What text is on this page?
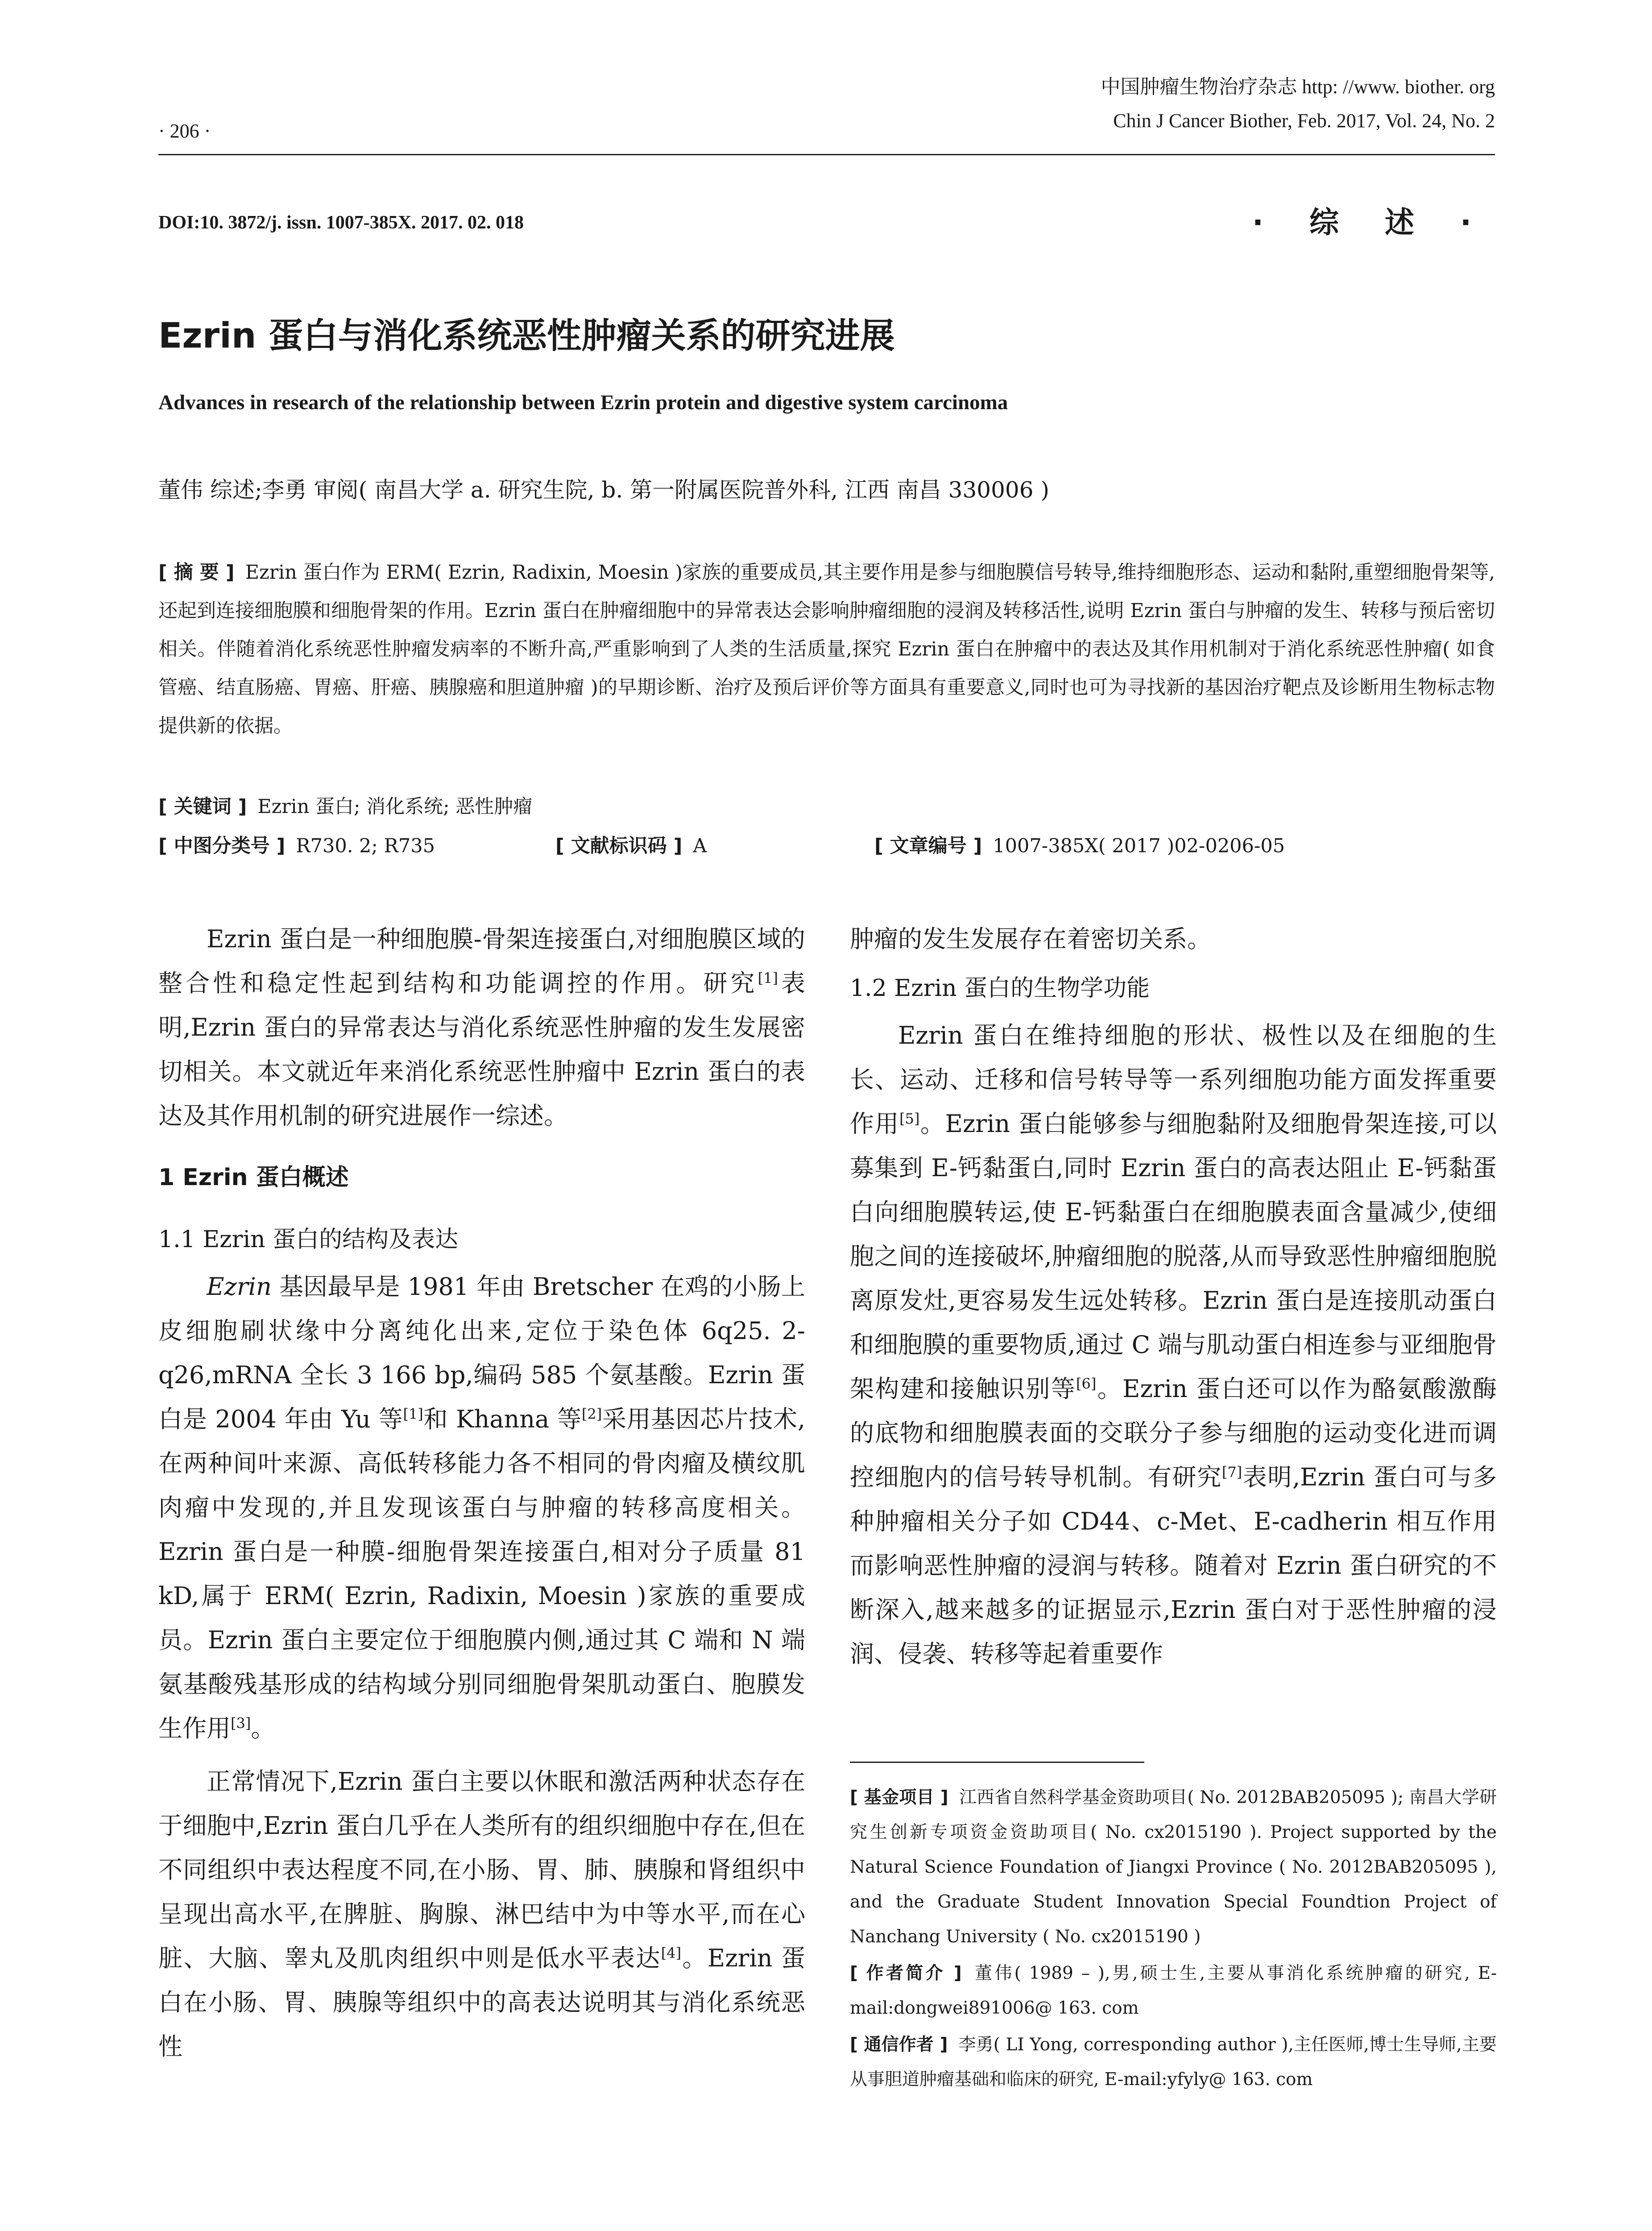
· 206 ·
中国肿瘤生物治疗杂志 http: //www. biother. org
Chin J Cancer Biother, Feb. 2017, Vol. 24, No. 2
DOI:10. 3872/j. issn. 1007-385X. 2017. 02. 018	· 综 述 ·
Ezrin 蛋白与消化系统恶性肿瘤关系的研究进展
Advances in research of the relationship between Ezrin protein and digestive system carcinoma
董伟 综述;李勇 审阅( 南昌大学 a. 研究生院, b. 第一附属医院普外科, 江西 南昌 330006 )
[ 摘 要 ] Ezrin 蛋白作为 ERM( Ezrin, Radixin, Moesin )家族的重要成员,其主要作用是参与细胞膜信号转导,维持细胞形态、运动和黏附,重塑细胞骨架等,还起到连接细胞膜和细胞骨架的作用。Ezrin 蛋白在肿瘤细胞中的异常表达会影响肿瘤细胞的浸润及转移活性,说明 Ezrin 蛋白与肿瘤的发生、转移与预后密切相关。伴随着消化系统恶性肿瘤发病率的不断升高,严重影响到了人类的生活质量,探究 Ezrin 蛋白在肿瘤中的表达及其作用机制对于消化系统恶性肿瘤( 如食管癌、结直肠癌、胃癌、肝癌、胰腺癌和胆道肿瘤 )的早期诊断、治疗及预后评价等方面具有重要意义,同时也可为寻找新的基因治疗靶点及诊断用生物标志物提供新的依据。
[ 关键词 ] Ezrin 蛋白; 消化系统; 恶性肿瘤
[ 中图分类号 ] R730. 2; R735	[ 文献标识码 ] A	[ 文章编号 ] 1007-385X( 2017 )02-0206-05

Ezrin 蛋白是一种细胞膜-骨架连接蛋白,对细胞膜区域的整合性和稳定性起到结构和功能调控的作用。研究[1]表明,Ezrin 蛋白的异常表达与消化系统恶性肿瘤的发生发展密切相关。本文就近年来消化系统恶性肿瘤中 Ezrin 蛋白的表达及其作用机制的研究进展作一综述。

1 Ezrin 蛋白概述
1.1 Ezrin 蛋白的结构及表达

Ezrin 基因最早是 1981 年由 Bretscher 在鸡的小肠上皮细胞刷状缘中分离纯化出来,定位于染色体 6q25. 2-q26,mRNA 全长 3 166 bp,编码 585 个氨基酸。Ezrin 蛋白是 2004 年由 Yu 等[1]和 Khanna 等[2]采用基因芯片技术,在两种间叶来源、高低转移能力各不相同的骨肉瘤及横纹肌肉瘤中发现的,并且发现该蛋白与肿瘤的转移高度相关。Ezrin 蛋白是一种膜-细胞骨架连接蛋白,相对分子质量 81 kD,属于 ERM( Ezrin, Radixin, Moesin )家族的重要成员。Ezrin 蛋白主要定位于细胞膜内侧,通过其 C 端和 N 端氨基酸残基形成的结构域分别同细胞骨架肌动蛋白、胞膜发生作用[3]。

正常情况下,Ezrin 蛋白主要以休眠和激活两种状态存在于细胞中,Ezrin 蛋白几乎在人类所有的组织细胞中存在,但在不同组织中表达程度不同,在小肠、胃、肺、胰腺和肾组织中呈现出高水平,在脾脏、胸腺、淋巴结中为中等水平,而在心脏、大脑、睾丸及肌肉组织中则是低水平表达[4]。Ezrin 蛋白在小肠、胃、胰腺等组织中的高表达说明其与消化系统恶性

肿瘤的发生发展存在着密切关系。

1.2 Ezrin 蛋白的生物学功能

Ezrin 蛋白在维持细胞的形状、极性以及在细胞的生长、运动、迁移和信号转导等一系列细胞功能方面发挥重要作用[5]。Ezrin 蛋白能够参与细胞黏附及细胞骨架连接,可以募集到 E-钙黏蛋白,同时 Ezrin 蛋白的高表达阻止 E-钙黏蛋白向细胞膜转运,使 E-钙黏蛋白在细胞膜表面含量减少,使细胞之间的连接破坏,肿瘤细胞的脱落,从而导致恶性肿瘤细胞脱离原发灶,更容易发生远处转移。Ezrin 蛋白是连接肌动蛋白和细胞膜的重要物质,通过 C 端与肌动蛋白相连参与亚细胞骨架构建和接触识别等[6]。Ezrin 蛋白还可以作为酪氨酸激酶的底物和细胞膜表面的交联分子参与细胞的运动变化进而调控细胞内的信号转导机制。有研究[7]表明,Ezrin 蛋白可与多种肿瘤相关分子如 CD44、c-Met、E-cadherin 相互作用而影响恶性肿瘤的浸润与转移。随着对 Ezrin 蛋白研究的不断深入,越来越多的证据显示,Ezrin 蛋白对于恶性肿瘤的浸润、侵袭、转移等起着重要作

[ 基金项目 ] 江西省自然科学基金资助项目( No. 2012BAB205095 ); 南昌大学研究生创新专项资金资助项目( No. cx2015190 ). Project supported by the Natural Science Foundation of Jiangxi Province ( No. 2012BAB205095 ), and the Graduate Student Innovation Special Foundtion Project of Nanchang University ( No. cx2015190 )

[ 作者简介 ] 董伟( 1989 – ),男,硕士生,主要从事消化系统肿瘤的研究, E-mail:dongwei891006@ 163. com

[ 通信作者 ] 李勇( LI Yong, corresponding author ),主任医师,博士生导师,主要从事胆道肿瘤基础和临床的研究, E-mail:yfyly@ 163. com
